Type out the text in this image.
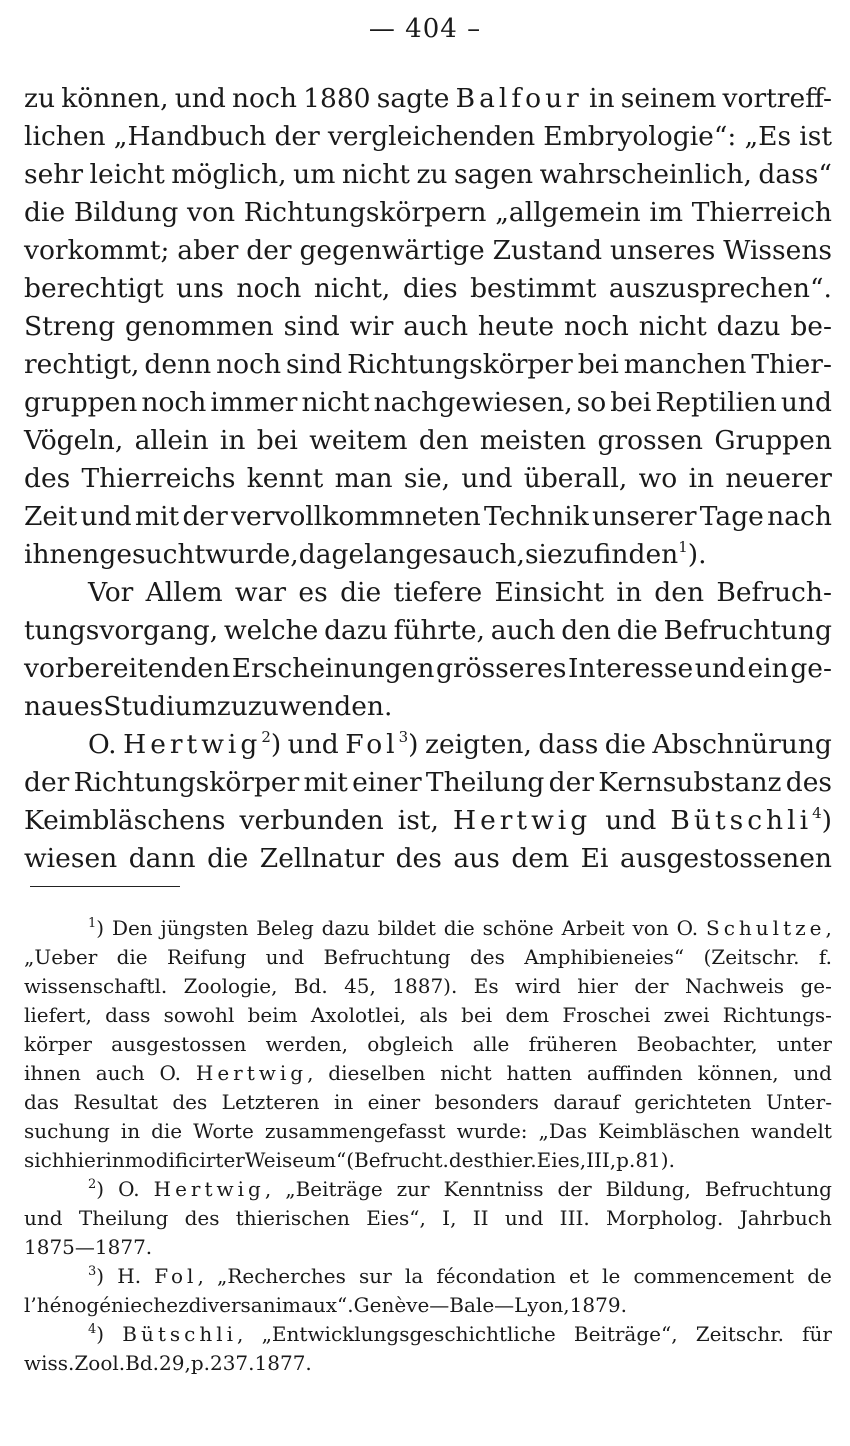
— 404 –
zu können, und noch 1880 sagte Balfour in seinem vortreff-
lichen „Handbuch der vergleichenden Embryologie“: „Es ist
sehr leicht möglich, um nicht zu sagen wahrscheinlich, dass“
die Bildung von Richtungskörpern „allgemein im Thierreich
vorkommt; aber der gegenwärtige Zustand unseres Wissens
berechtigt uns noch nicht, dies bestimmt auszusprechen“.
Streng genommen sind wir auch heute noch nicht dazu be-
rechtigt, denn noch sind Richtungskörper bei manchen Thier-
gruppen noch immer nicht nachgewiesen, so bei Reptilien und
Vögeln, allein in bei weitem den meisten grossen Gruppen
des Thierreichs kennt man sie, und überall, wo in neuerer
Zeit und mit der vervollkommneten Technik unserer Tage nach
ihnen gesucht wurde, da gelang es auch, sie zu finden$^1$).
Vor Allem war es die tiefere Einsicht in den Befruch-
tungsvorgang, welche dazu führte, auch den die Befruchtung
vorbereitenden Erscheinungen grösseres Interesse und ein ge-
naues Studium zuzuwenden.
O. Hertwig$^2$) und Fol$^3$) zeigten, dass die Abschnürung
der Richtungskörper mit einer Theilung der Kernsubstanz des
Keimbläschens verbunden ist, Hertwig und Bütschli$^4$)
wiesen dann die Zellnatur des aus dem Ei ausgestossenen
$^1$) Den jüngsten Beleg dazu bildet die schöne Arbeit von O. Schultze,
„Ueber die Reifung und Befruchtung des Amphibieneies“ (Zeitschr. f.
wissenschaftl. Zoologie, Bd. 45, 1887). Es wird hier der Nachweis ge-
liefert, dass sowohl beim Axolotlei, als bei dem Froschei zwei Richtungs-
körper ausgestossen werden, obgleich alle früheren Beobachter, unter
ihnen auch O. Hertwig, dieselben nicht hatten auffinden können, und
das Resultat des Letzteren in einer besonders darauf gerichteten Unter-
suchung in die Worte zusammengefasst wurde: „Das Keimbläschen wandelt
sich hier in modificirter Weise um“ (Befrucht. des thier. Eies, III, p. 81).
$^2$) O. Hertwig, „Beiträge zur Kenntniss der Bildung, Befruchtung
und Theilung des thierischen Eies“, I, II und III. Morpholog. Jahrbuch
1875—1877.
$^3$) H. Fol, „Recherches sur la fécondation et le commencement de
l’hénogénie chez divers animaux“. Genève—Bale—Lyon, 1879.
$^4$) Bütschli, „Entwicklungsgeschichtliche Beiträge“, Zeitschr. für
wiss. Zool. Bd. 29, p. 237. 1877.
